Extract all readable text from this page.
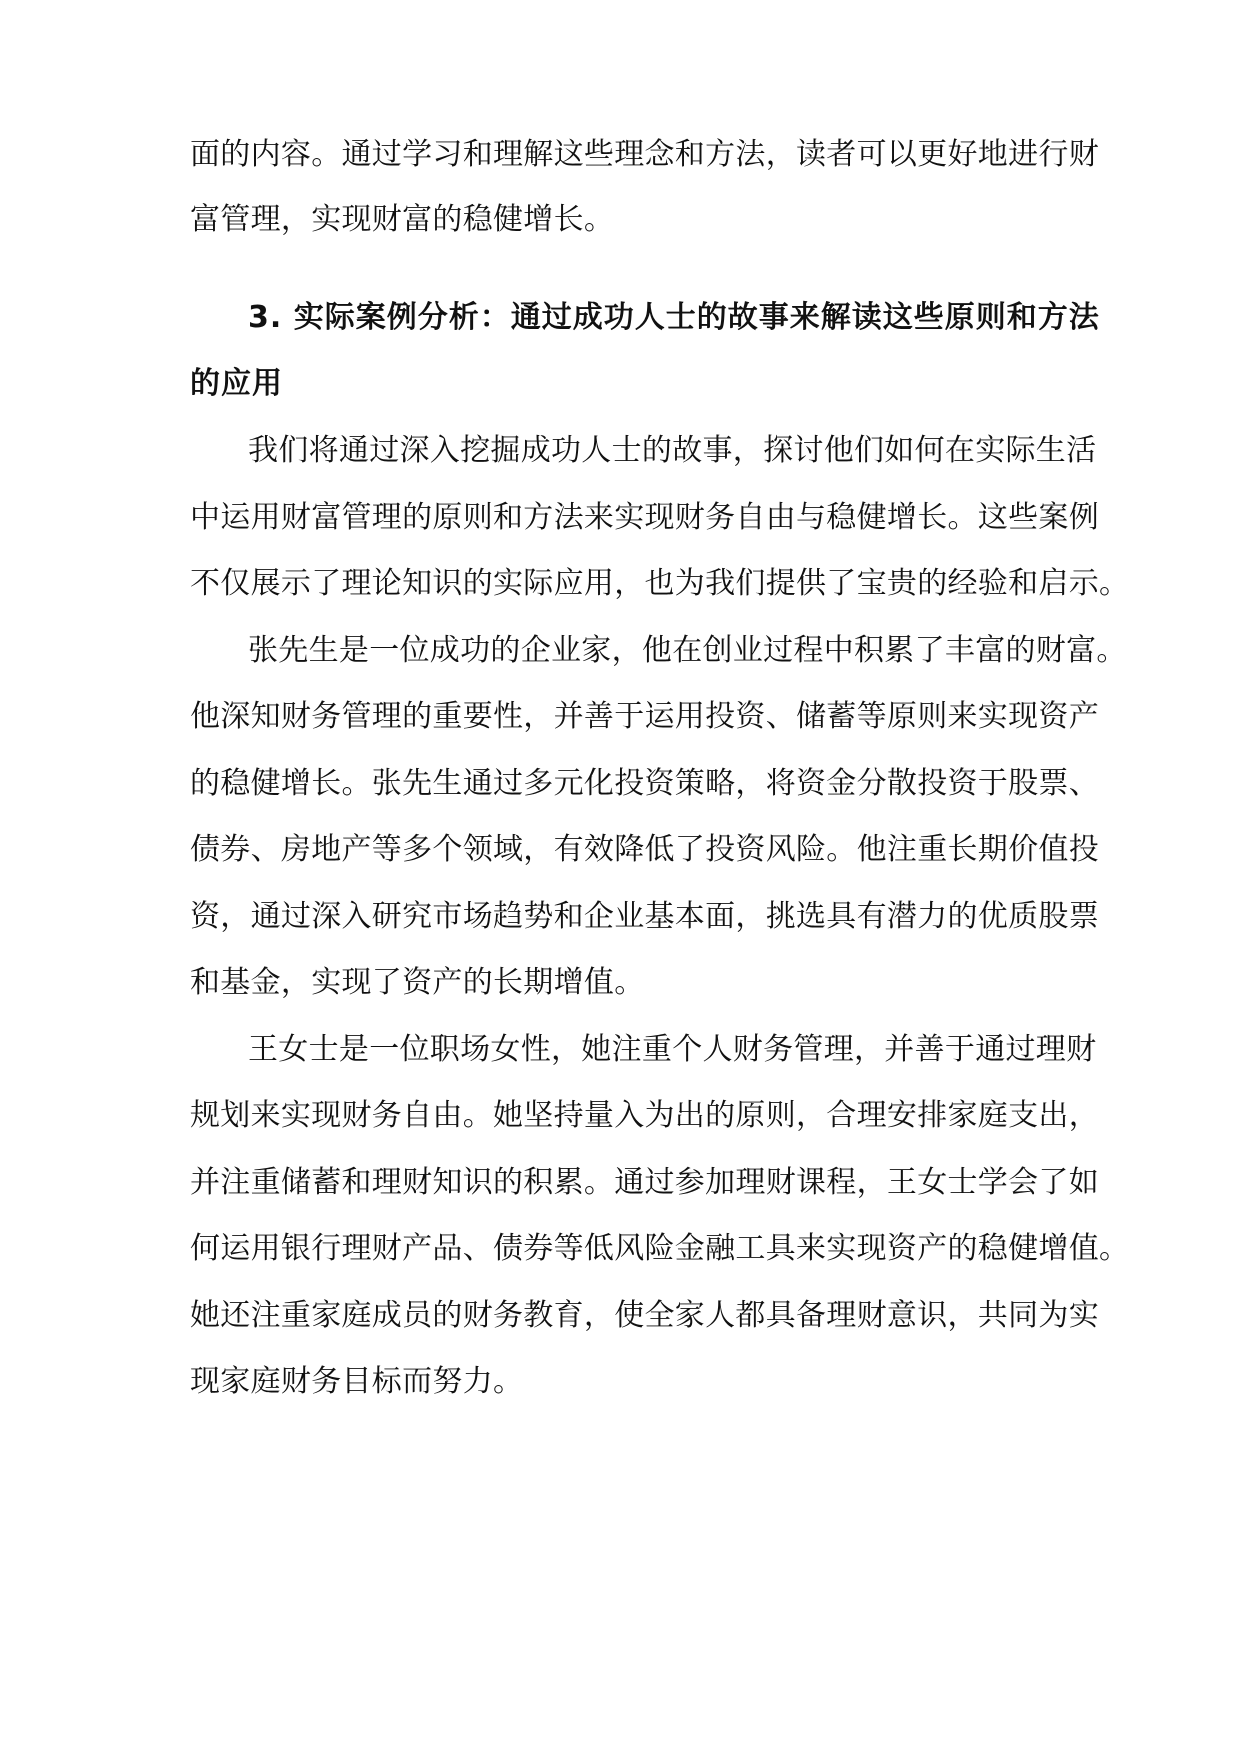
面的内容。通过学习和理解这些理念和方法，读者可以更好地进行财
富管理，实现财富的稳健增长。
3. 实际案例分析：通过成功人士的故事来解读这些原则和方法
的应用
我们将通过深入挖掘成功人士的故事，探讨他们如何在实际生活
中运用财富管理的原则和方法来实现财务自由与稳健增长。这些案例
不仅展示了理论知识的实际应用，也为我们提供了宝贵的经验和启示。
张先生是一位成功的企业家，他在创业过程中积累了丰富的财富。
他深知财务管理的重要性，并善于运用投资、储蓄等原则来实现资产
的稳健增长。张先生通过多元化投资策略，将资金分散投资于股票、
债券、房地产等多个领域，有效降低了投资风险。他注重长期价值投
资，通过深入研究市场趋势和企业基本面，挑选具有潜力的优质股票
和基金，实现了资产的长期增值。
王女士是一位职场女性，她注重个人财务管理，并善于通过理财
规划来实现财务自由。她坚持量入为出的原则，合理安排家庭支出，
并注重储蓄和理财知识的积累。通过参加理财课程，王女士学会了如
何运用银行理财产品、债券等低风险金融工具来实现资产的稳健增值。
她还注重家庭成员的财务教育，使全家人都具备理财意识，共同为实
现家庭财务目标而努力。
